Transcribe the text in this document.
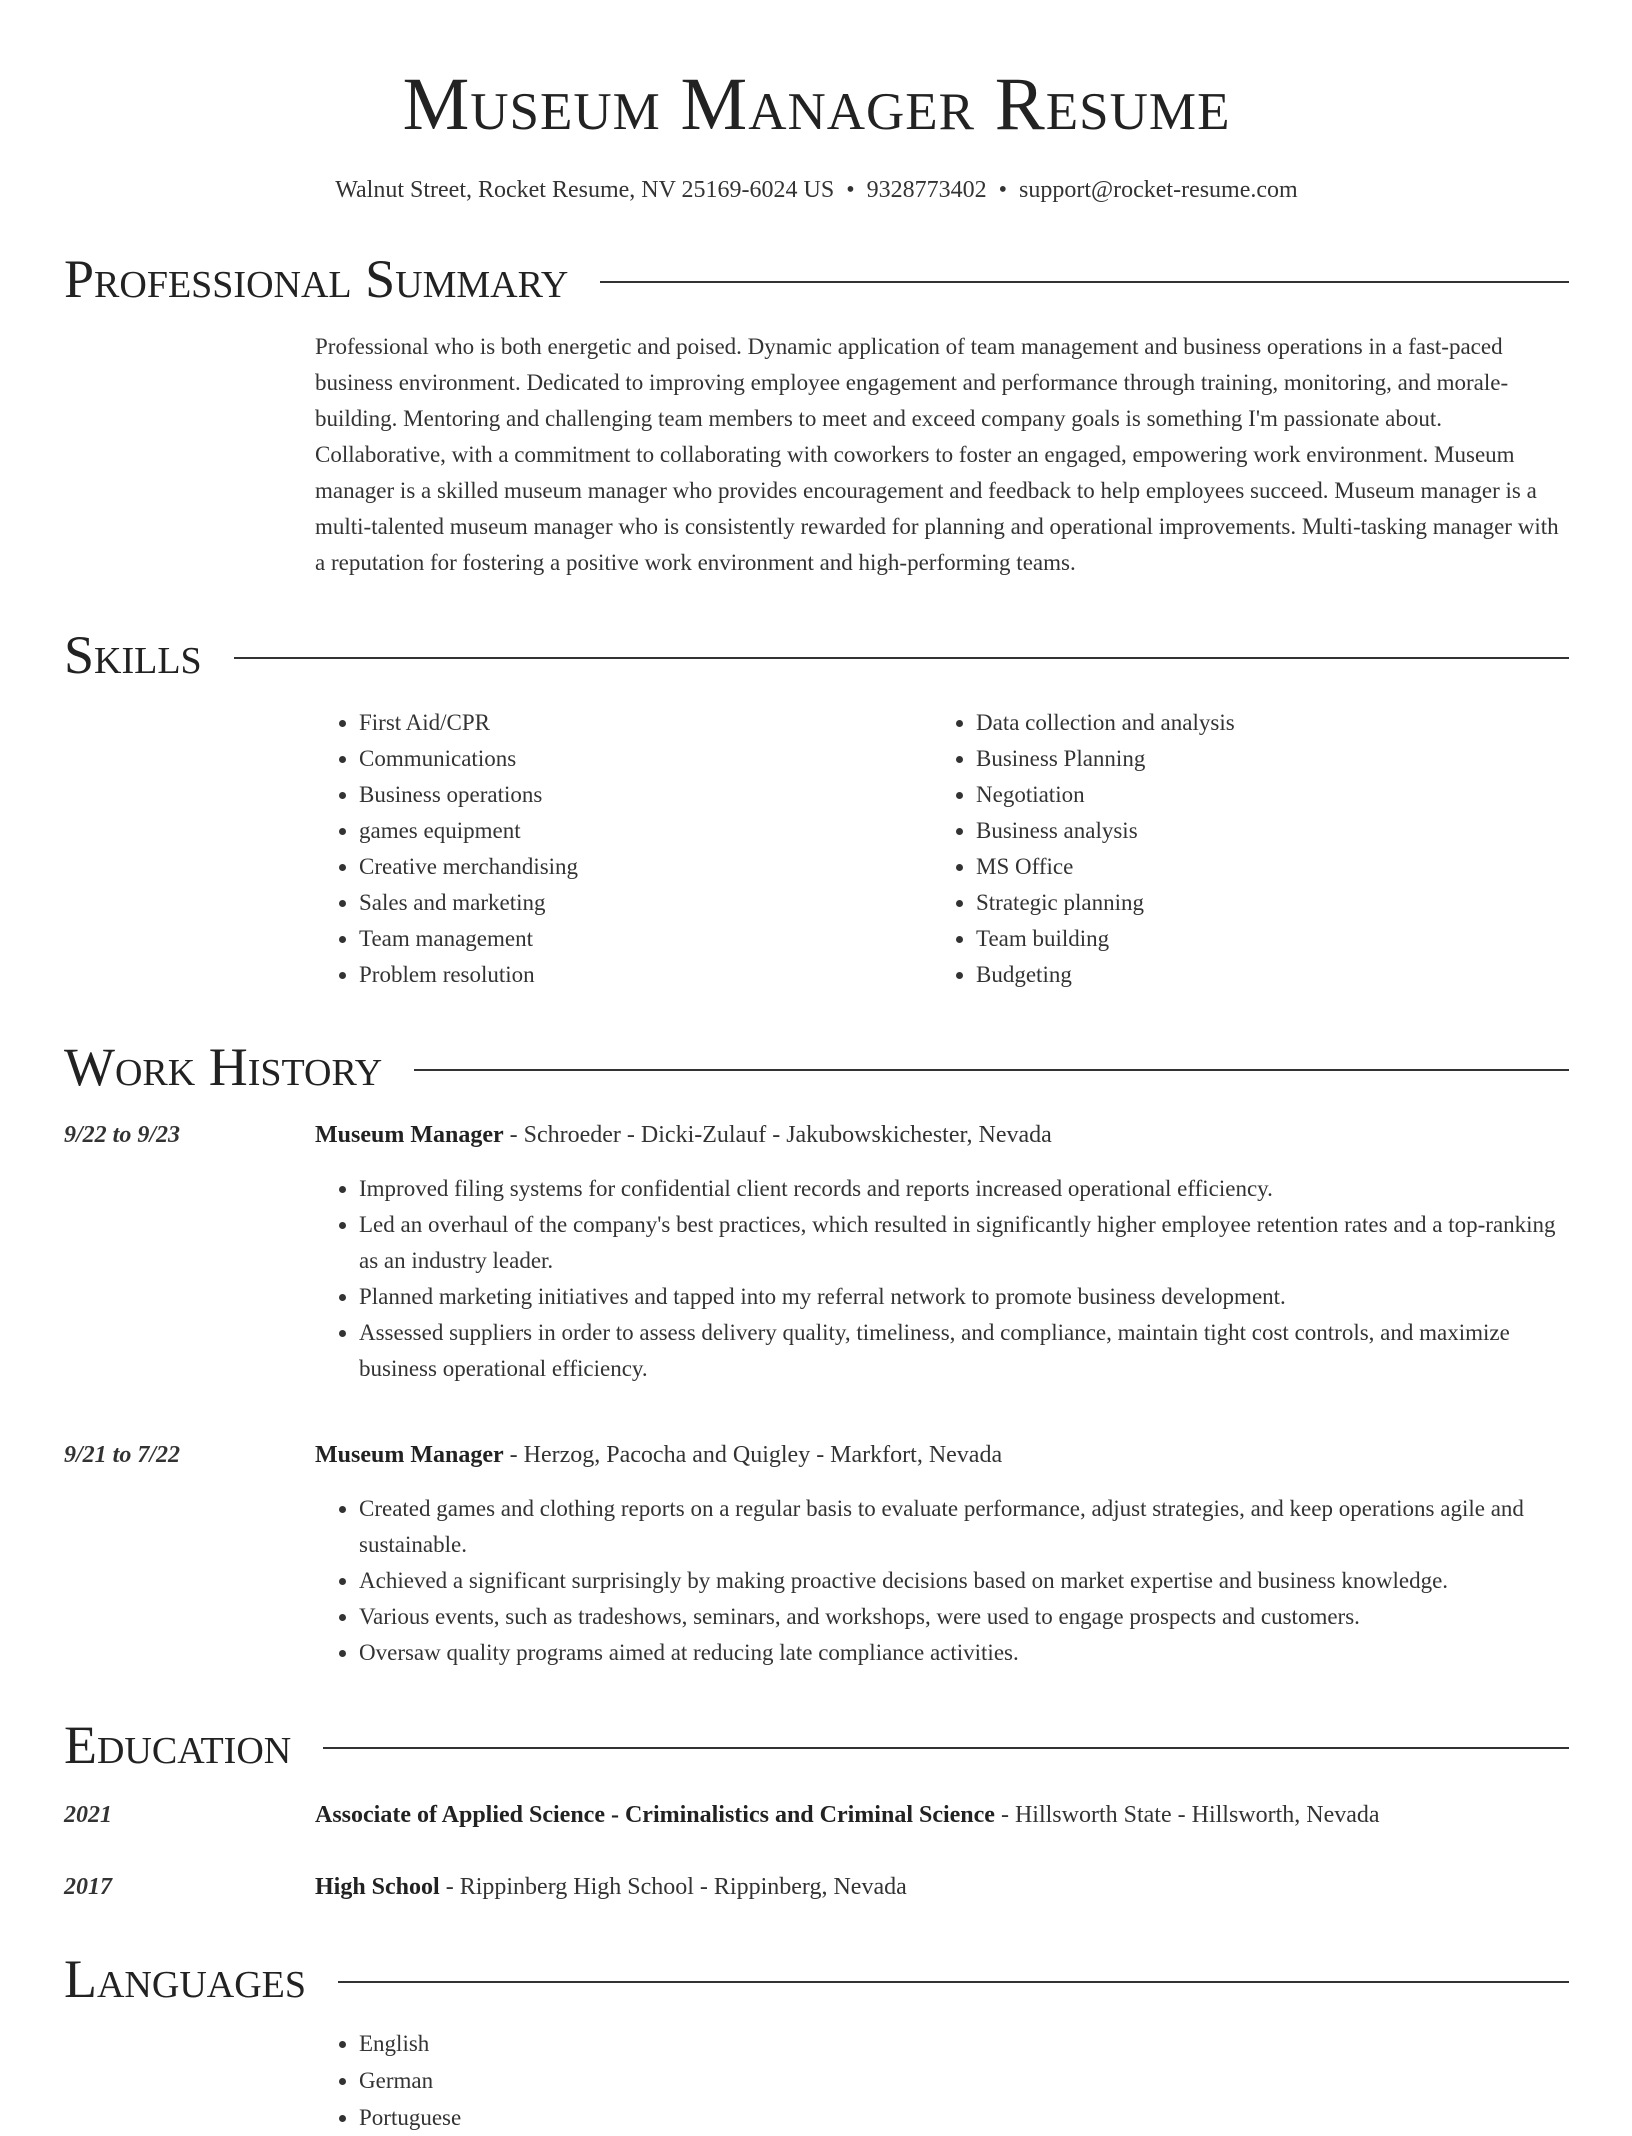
Museum Manager Resume
Walnut Street, Rocket Resume, NV 25169-6024 US • 9328773402 • support@rocket-resume.com
Professional Summary
Professional who is both energetic and poised. Dynamic application of team management and business operations in a fast-paced business environment. Dedicated to improving employee engagement and performance through training, monitoring, and morale-building. Mentoring and challenging team members to meet and exceed company goals is something I'm passionate about. Collaborative, with a commitment to collaborating with coworkers to foster an engaged, empowering work environment. Museum manager is a skilled museum manager who provides encouragement and feedback to help employees succeed. Museum manager is a multi-talented museum manager who is consistently rewarded for planning and operational improvements. Multi-tasking manager with a reputation for fostering a positive work environment and high-performing teams.
Skills
• First Aid/CPR
• Communications
• Business operations
• games equipment
• Creative merchandising
• Sales and marketing
• Team management
• Problem resolution
• Data collection and analysis
• Business Planning
• Negotiation
• Business analysis
• MS Office
• Strategic planning
• Team building
• Budgeting
Work History
9/22 to 9/23	Museum Manager - Schroeder - Dicki-Zulauf - Jakubowskichester, Nevada
• Improved filing systems for confidential client records and reports increased operational efficiency.
• Led an overhaul of the company's best practices, which resulted in significantly higher employee retention rates and a top-ranking as an industry leader.
• Planned marketing initiatives and tapped into my referral network to promote business development.
• Assessed suppliers in order to assess delivery quality, timeliness, and compliance, maintain tight cost controls, and maximize business operational efficiency.
9/21 to 7/22	Museum Manager - Herzog, Pacocha and Quigley - Markfort, Nevada
• Created games and clothing reports on a regular basis to evaluate performance, adjust strategies, and keep operations agile and sustainable.
• Achieved a significant surprisingly by making proactive decisions based on market expertise and business knowledge.
• Various events, such as tradeshows, seminars, and workshops, were used to engage prospects and customers.
• Oversaw quality programs aimed at reducing late compliance activities.
Education
2021	Associate of Applied Science - Criminalistics and Criminal Science - Hillsworth State - Hillsworth, Nevada
2017	High School - Rippinberg High School - Rippinberg, Nevada
Languages
• English
• German
• Portuguese
